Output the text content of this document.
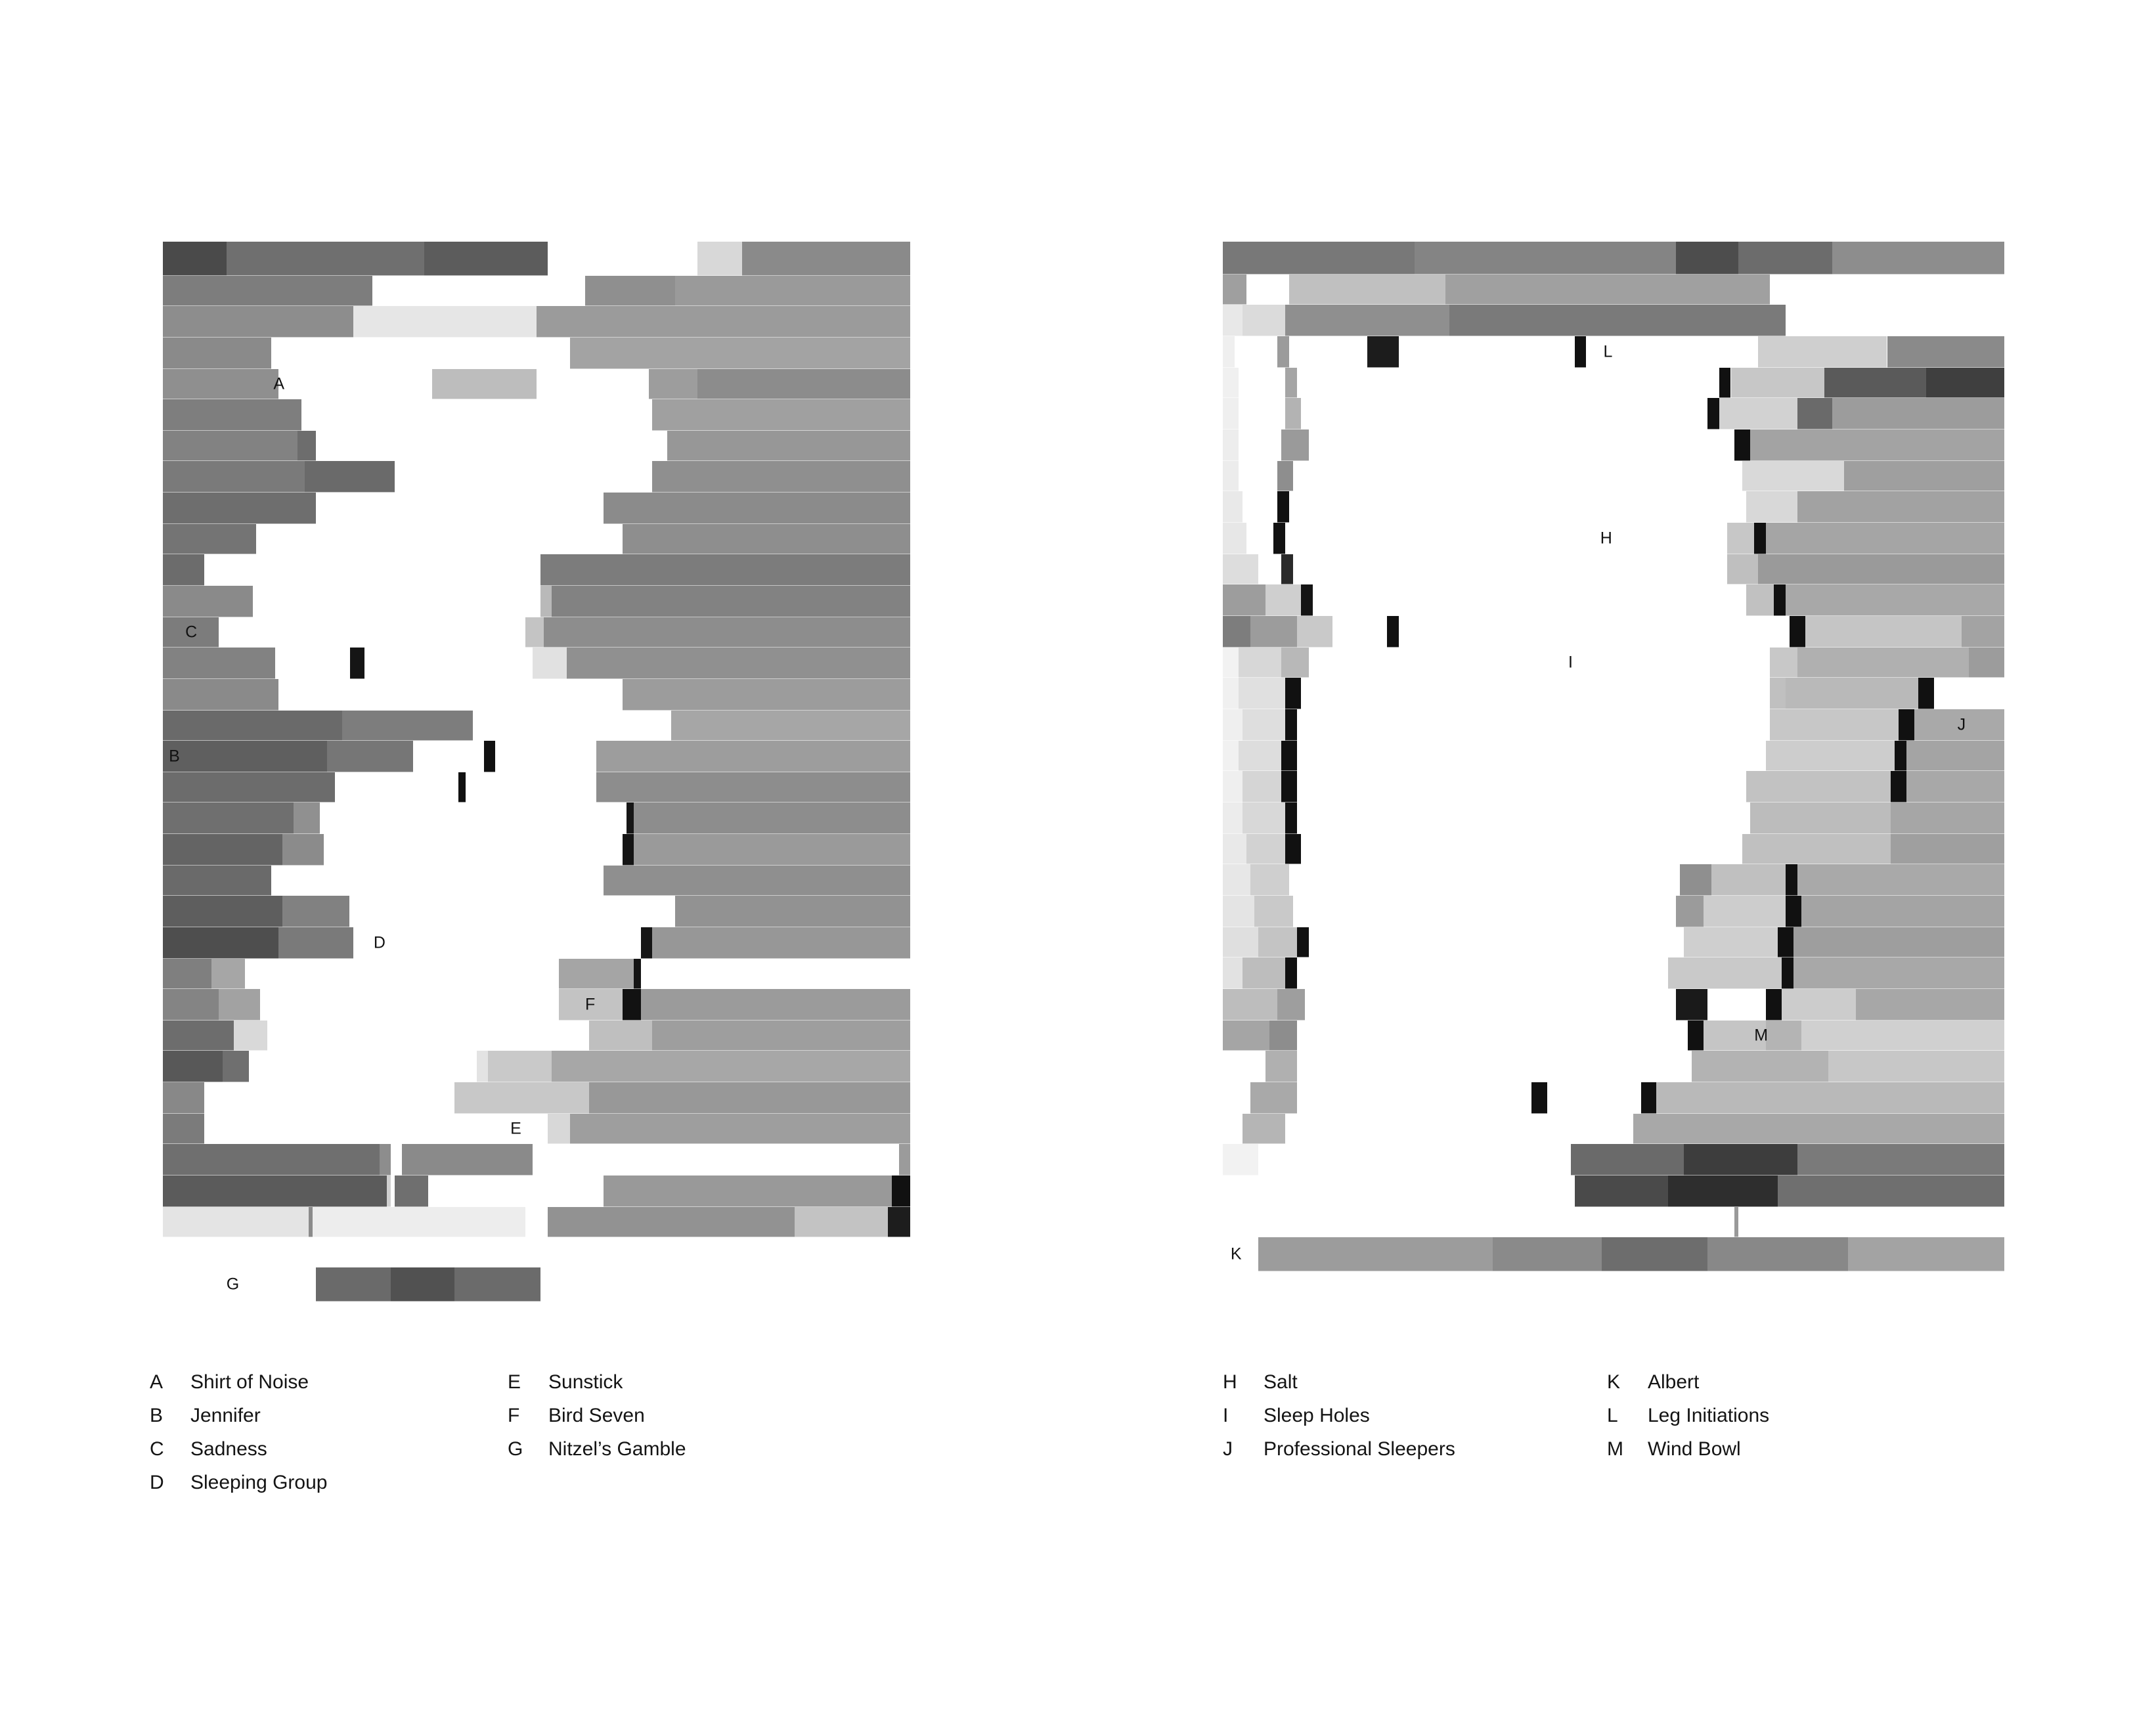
A
C
B
D
F
E
G
L
H
I
J
M
K
A	Shirt of Noise
B	Jennifer
C	Sadness
D	Sleeping Group
E	Sunstick
F	Bird Seven
G	Nitzel’s Gamble
H	Salt
I	Sleep Holes
J	Professional Sleepers
K	Albert
L	Leg Initiations
M	Wind Bowl
